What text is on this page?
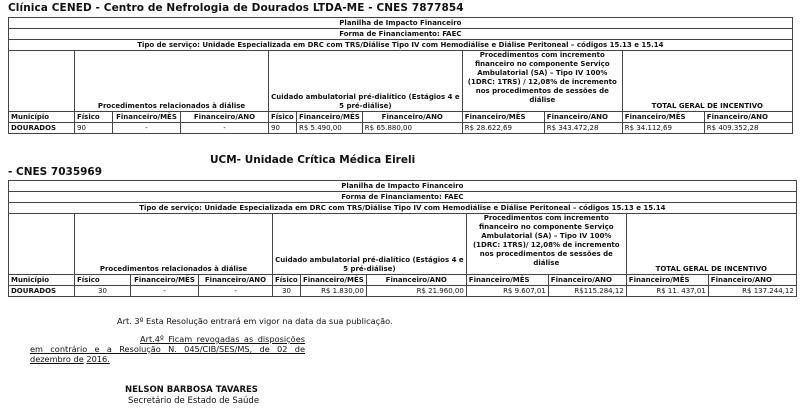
Clínica CENED - Centro de Nefrologia de Dourados LTDA-ME - CNES 7877854
Planilha de Impacto Financeiro										
Forma de Financiamento: FAEC										
Tipo de serviço: Unidade Especializada em DRC com TRS/Diálise Tipo IV com Hemodiálise e Diálise Peritoneal – códigos 15.13 e 15.14										
	Procedimentos relacionados à diálise			Cuidado ambulatorial pré-dialítico (Estágios 4 e 5 pré-diálise)			Procedimentos com incremento financeiro no componente Serviço Ambulatorial (SA) – Tipo IV 100% (1DRC: 1TRS) / 12,08% de incremento nos procedimentos de sessões de diálise		TOTAL GERAL DE INCENTIVO	
Município	Físico	Financeiro/MÊS	Financeiro/ANO	Físico	Financeiro/MÊS	Financeiro/ANO	Financeiro/MÊS	Financeiro/ANO	Financeiro/MÊS	Financeiro/ANO
DOURADOS	90	-	-	90	R$ 5.490,00	R$ 65.880,00	R$ 28.622,69	R$ 343.472,28	R$ 34.112,69	R$ 409.352,28
UCM- Unidade Crítica Médica Eireli
- CNES 7035969
Planilha de Impacto Financeiro										
Forma de Financiamento: FAEC										
Tipo de serviço: Unidade Especializada em DRC com TRS/Diálise Tipo IV com Hemodiálise e Diálise Peritoneal – códigos 15.13 e 15.14										
	Procedimentos relacionados à diálise			Cuidado ambulatorial pré-dialítico (Estágios 4 e 5 pré-diálise)			Procedimentos com incremento financeiro no componente Serviço Ambulatorial (SA) – Tipo IV 100% (1DRC: 1TRS)/ 12,08% de incremento nos procedimentos de sessões de diálise		TOTAL GERAL DE INCENTIVO	
Município	Físico	Financeiro/MÊS	Financeiro/ANO	Físico	Financeiro/MÊS	Financeiro/ANO	Financeiro/MÊS	Financeiro/ANO	Financeiro/MÊS	Financeiro/ANO
DOURADOS	30	-	-	30	R$ 1.830,00	R$ 21.960,00	R$ 9.607,01	R$115.284,12	R$ 11. 437,01	R$ 137.244,12
Art. 3º Esta Resolução entrará em vigor na data da sua publicação.
Art.4º Ficam revogadas as disposições em contrário e a Resolução N. 045/CIB/SES/MS, de 02 de dezembro de 2016.
NELSON BARBOSA TAVARES
Secretário de Estado de Saúde
